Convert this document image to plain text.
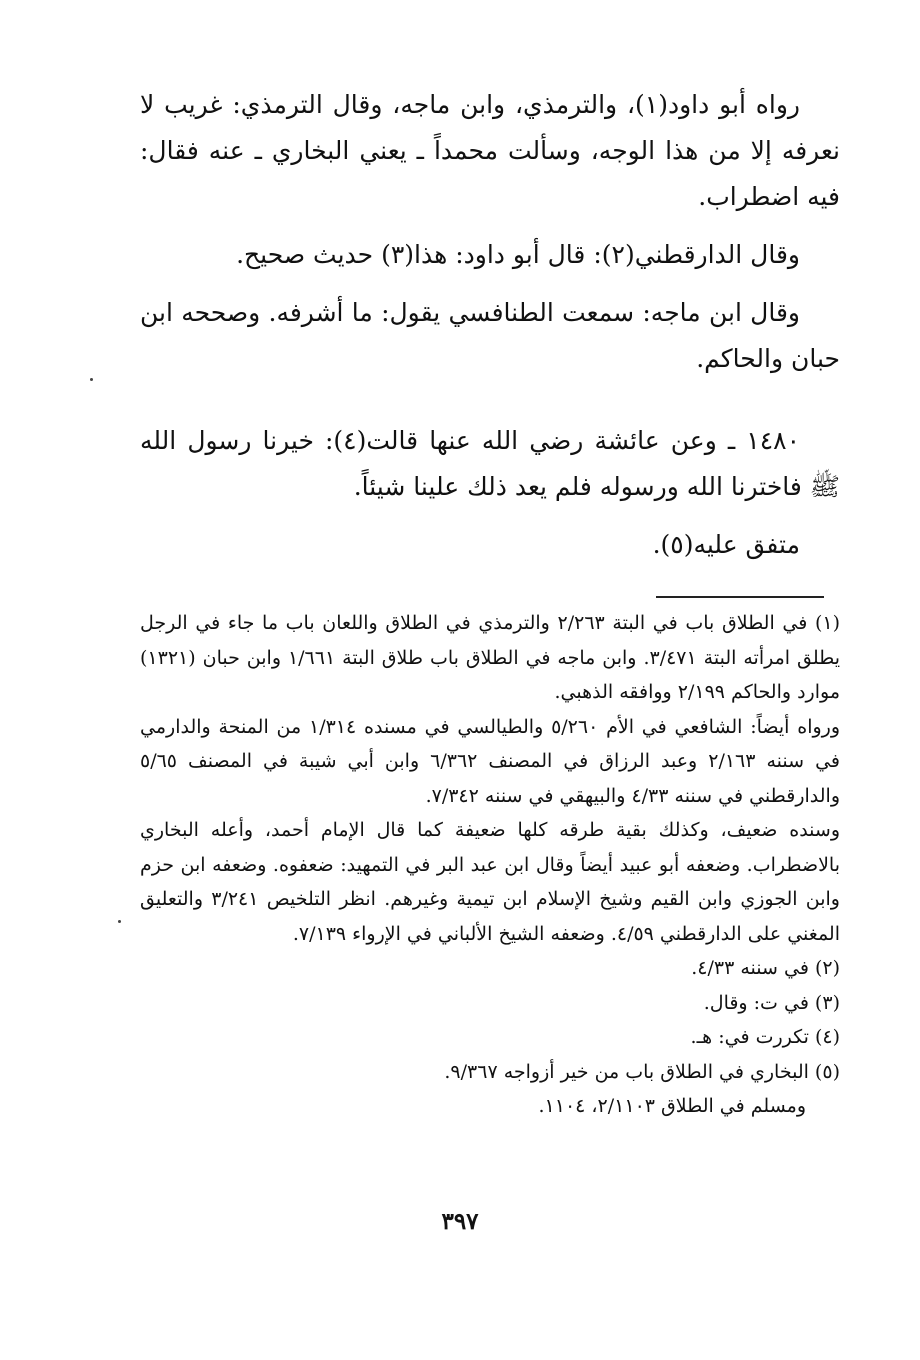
رواه أبو داود(١)، والترمذي، وابن ماجه، وقال الترمذي: غريب لا نعرفه إلا من هذا الوجه، وسألت محمداً ـ يعني البخاري ـ عنه فقال: فيه اضطراب.

وقال الدارقطني(٢): قال أبو داود: هذا(٣) حديث صحيح.

وقال ابن ماجه: سمعت الطنافسي يقول: ما أشرفه. وصححه ابن حبان والحاكم.

١٤٨٠ ـ وعن عائشة رضي الله عنها قالت(٤): خيرنا رسول الله ﷺ فاخترنا الله ورسوله فلم يعد ذلك علينا شيئاً.

متفق عليه(٥).

(١) في الطلاق باب في البتة ٢/٢٦٣ والترمذي في الطلاق واللعان باب ما جاء في الرجل يطلق امرأته البتة ٣/٤٧١. وابن ماجه في الطلاق باب طلاق البتة ١/٦٦١ وابن حبان (١٣٢١) موارد والحاكم ٢/١٩٩ ووافقه الذهبي.

ورواه أيضاً: الشافعي في الأم ٥/٢٦٠ والطيالسي في مسنده ١/٣١٤ من المنحة والدارمي في سننه ٢/١٦٣ وعبد الرزاق في المصنف ٦/٣٦٢ وابن أبي شيبة في المصنف ٥/٦٥ والدارقطني في سننه ٤/٣٣ والبيهقي في سننه ٧/٣٤٢.

وسنده ضعيف، وكذلك بقية طرقه كلها ضعيفة كما قال الإمام أحمد، وأعله البخاري بالاضطراب. وضعفه أبو عبيد أيضاً وقال ابن عبد البر في التمهيد: ضعفوه. وضعفه ابن حزم وابن الجوزي وابن القيم وشيخ الإسلام ابن تيمية وغيرهم. انظر التلخيص ٣/٢٤١ والتعليق المغني على الدارقطني ٤/٥٩. وضعفه الشيخ الألباني في الإرواء ٧/١٣٩.

(٢) في سننه ٤/٣٣.

(٣) في ت: وقال.

(٤) تكررت في: هـ.

(٥) البخاري في الطلاق باب من خير أزواجه ٩/٣٦٧.

ومسلم في الطلاق ٢/١١٠٣، ١١٠٤.

٣٩٧
